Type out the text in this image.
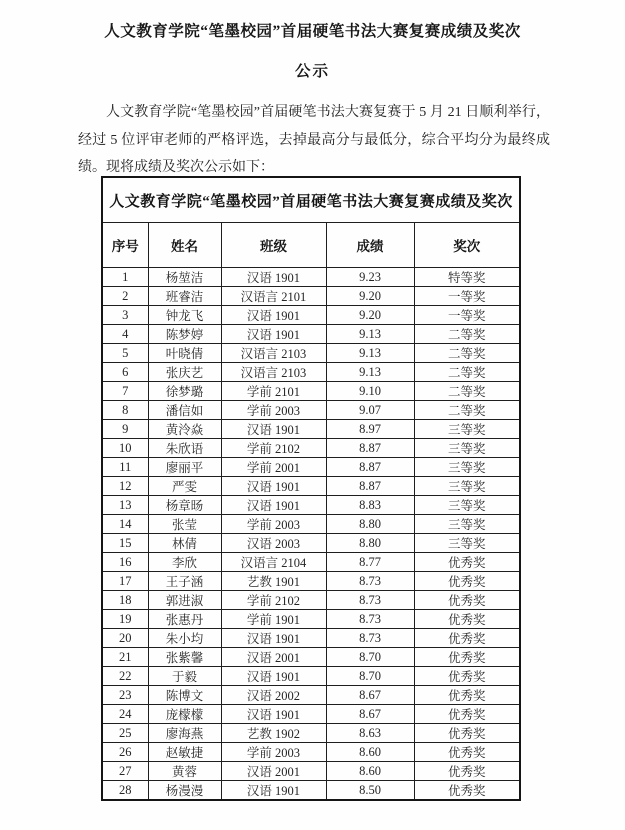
人文教育学院“笔墨校园”首届硬笔书法大赛复赛成绩及奖次
公示
人文教育学院“笔墨校园”首届硬笔书法大赛复赛于 5 月 21 日顺利举行，经过 5 位评审老师的严格评选，去掉最高分与最低分，综合平均分为最终成绩。现将成绩及奖次公示如下：
人文教育学院“笔墨校园”首届硬笔书法大赛复赛成绩及奖次				
序号	姓名	班级	成绩	奖次
1	杨堃洁	汉语 1901	9.23	特等奖
2	班睿洁	汉语言 2101	9.20	一等奖
3	钟龙飞	汉语 1901	9.20	一等奖
4	陈梦婷	汉语 1901	9.13	二等奖
5	叶晓倩	汉语言 2103	9.13	二等奖
6	张庆艺	汉语言 2103	9.13	二等奖
7	徐梦璐	学前 2101	9.10	二等奖
8	潘信如	学前 2003	9.07	二等奖
9	黄泠焱	汉语 1901	8.97	三等奖
10	朱欣语	学前 2102	8.87	三等奖
11	廖丽平	学前 2001	8.87	三等奖
12	严雯	汉语 1901	8.87	三等奖
13	杨章旸	汉语 1901	8.83	三等奖
14	张莹	学前 2003	8.80	三等奖
15	林倩	汉语 2003	8.80	三等奖
16	李欣	汉语言 2104	8.77	优秀奖
17	王子涵	艺教 1901	8.73	优秀奖
18	郭进淑	学前 2102	8.73	优秀奖
19	张惠丹	学前 1901	8.73	优秀奖
20	朱小均	汉语 1901	8.73	优秀奖
21	张紫馨	汉语 2001	8.70	优秀奖
22	于毅	汉语 1901	8.70	优秀奖
23	陈博文	汉语 2002	8.67	优秀奖
24	庞檬檬	汉语 1901	8.67	优秀奖
25	廖海燕	艺教 1902	8.63	优秀奖
26	赵敏捷	学前 2003	8.60	优秀奖
27	黄蓉	汉语 2001	8.60	优秀奖
28	杨漫漫	汉语 1901	8.50	优秀奖
